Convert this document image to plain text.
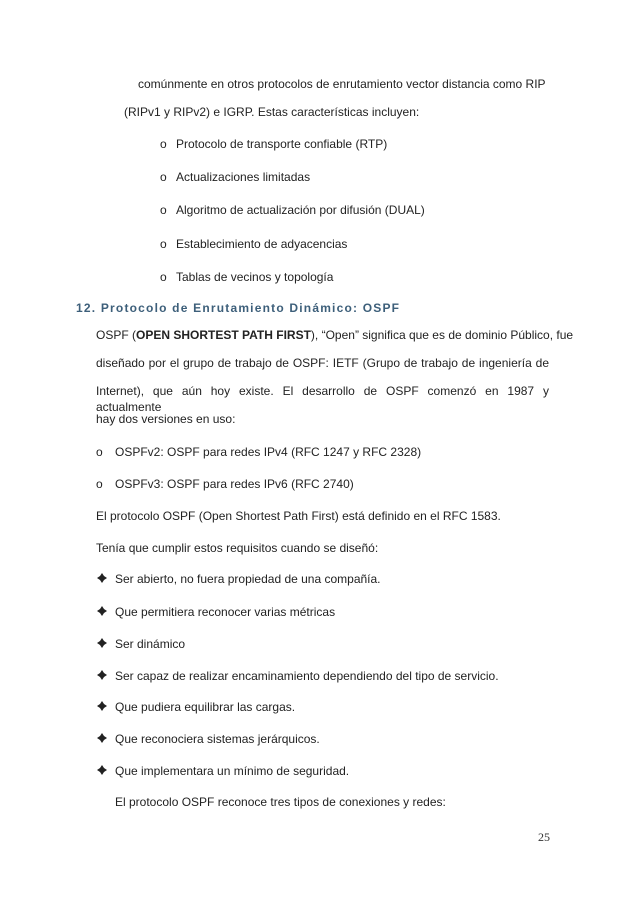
comúnmente en otros protocolos de enrutamiento vector distancia como RIP
(RIPv1 y RIPv2) e IGRP. Estas características incluyen:
o Protocolo de transporte confiable (RTP)
o Actualizaciones limitadas
o Algoritmo de actualización por difusión (DUAL)
o Establecimiento de adyacencias
o Tablas de vecinos y topología
12. Protocolo de Enrutamiento Dinámico: OSPF
OSPF (OPEN SHORTEST PATH FIRST), “Open” significa que es de dominio Público, fue
diseñado por el grupo de trabajo de OSPF: IETF (Grupo de trabajo de ingeniería de
Internet), que aún hoy existe. El desarrollo de OSPF comenzó en 1987 y actualmente
hay dos versiones en uso:
o OSPFv2: OSPF para redes IPv4 (RFC 1247 y RFC 2328)
o OSPFv3: OSPF para redes IPv6 (RFC 2740)
El protocolo OSPF (Open Shortest Path First) está definido en el RFC 1583.
Tenía que cumplir estos requisitos cuando se diseñó:
Ser abierto, no fuera propiedad de una compañía.
Que permitiera reconocer varias métricas
Ser dinámico
Ser capaz de realizar encaminamiento dependiendo del tipo de servicio.
Que pudiera equilibrar las cargas.
Que reconociera sistemas jerárquicos.
Que implementara un mínimo de seguridad.
El protocolo OSPF reconoce tres tipos de conexiones y redes:
25
